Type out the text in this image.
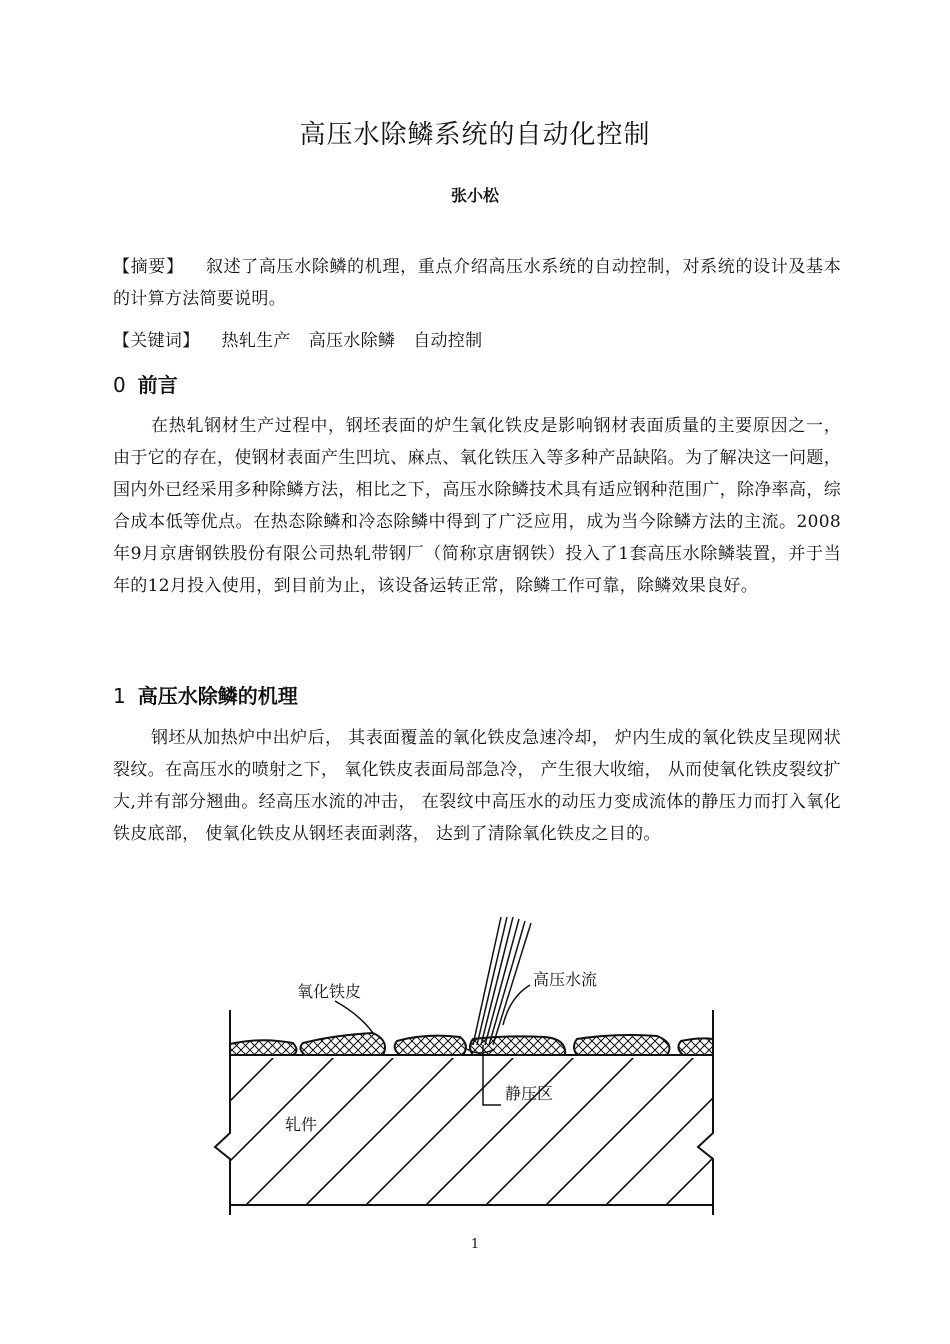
高压水除鳞系统的自动化控制
张小松
【摘要】 叙述了高压水除鳞的机理，重点介绍高压水系统的自动控制，对系统的设计及基本的计算方法简要说明。
【关键词】 热轧生产 高压水除鳞 自动控制
0 前言
在热轧钢材生产过程中，钢坯表面的炉生氧化铁皮是影响钢材表面质量的主要原因之一，由于它的存在，使钢材表面产生凹坑、麻点、氧化铁压入等多种产品缺陷。为了解决这一问题，国内外已经采用多种除鳞方法，相比之下，高压水除鳞技术具有适应钢种范围广，除净率高，综合成本低等优点。在热态除鳞和冷态除鳞中得到了广泛应用，成为当今除鳞方法的主流。2008年9月京唐钢铁股份有限公司热轧带钢厂（简称京唐钢铁）投入了1套高压水除鳞装置，并于当年的12月投入使用，到目前为止，该设备运转正常，除鳞工作可靠，除鳞效果良好。
1 高压水除鳞的机理
钢坯从加热炉中出炉后， 其表面覆盖的氧化铁皮急速冷却， 炉内生成的氧化铁皮呈现网状裂纹。在高压水的喷射之下， 氧化铁皮表面局部急冷， 产生很大收缩， 从而使氧化铁皮裂纹扩大,并有部分翘曲。经高压水流的冲击， 在裂纹中高压水的动压力变成流体的静压力而打入氧化铁皮底部， 使氧化铁皮从钢坯表面剥落， 达到了清除氧化铁皮之目的。
氧化铁皮
高压水流
静压区
轧件
1
